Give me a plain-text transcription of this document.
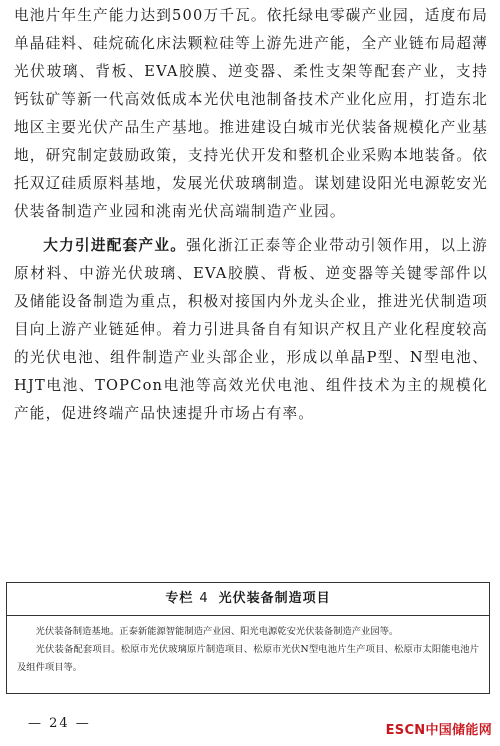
电池片年生产能力达到500万千瓦。依托绿电零碳产业园，适度布局单晶硅料、硅烷硫化床法颗粒硅等上游先进产能，全产业链布局超薄光伏玻璃、背板、EVA胶膜、逆变器、柔性支架等配套产业，支持钙钛矿等新一代高效低成本光伏电池制备技术产业化应用，打造东北地区主要光伏产品生产基地。推进建设白城市光伏装备规模化产业基地，研究制定鼓励政策，支持光伏开发和整机企业采购本地装备。依托双辽硅质原料基地，发展光伏玻璃制造。谋划建设阳光电源乾安光伏装备制造产业园和洮南光伏高端制造产业园。

大力引进配套产业。强化浙江正泰等企业带动引领作用，以上游原材料、中游光伏玻璃、EVA胶膜、背板、逆变器等关键零部件以及储能设备制造为重点，积极对接国内外龙头企业，推进光伏制造项目向上游产业链延伸。着力引进具备自有知识产权且产业化程度较高的光伏电池、组件制造产业头部企业，形成以单晶P型、N型电池、HJT电池、TOPCon电池等高效光伏电池、组件技术为主的规模化产能，促进终端产品快速提升市场占有率。

专栏 4 光伏装备制造项目

光伏装备制造基地。正泰新能源智能制造产业园、阳光电源乾安光伏装备制造产业园等。

光伏装备配套项目。松原市光伏玻璃原片制造项目、松原市光伏N型电池片生产项目、松原市太阳能电池片及组件项目等。

— 24 —	ESCN中国储能网
